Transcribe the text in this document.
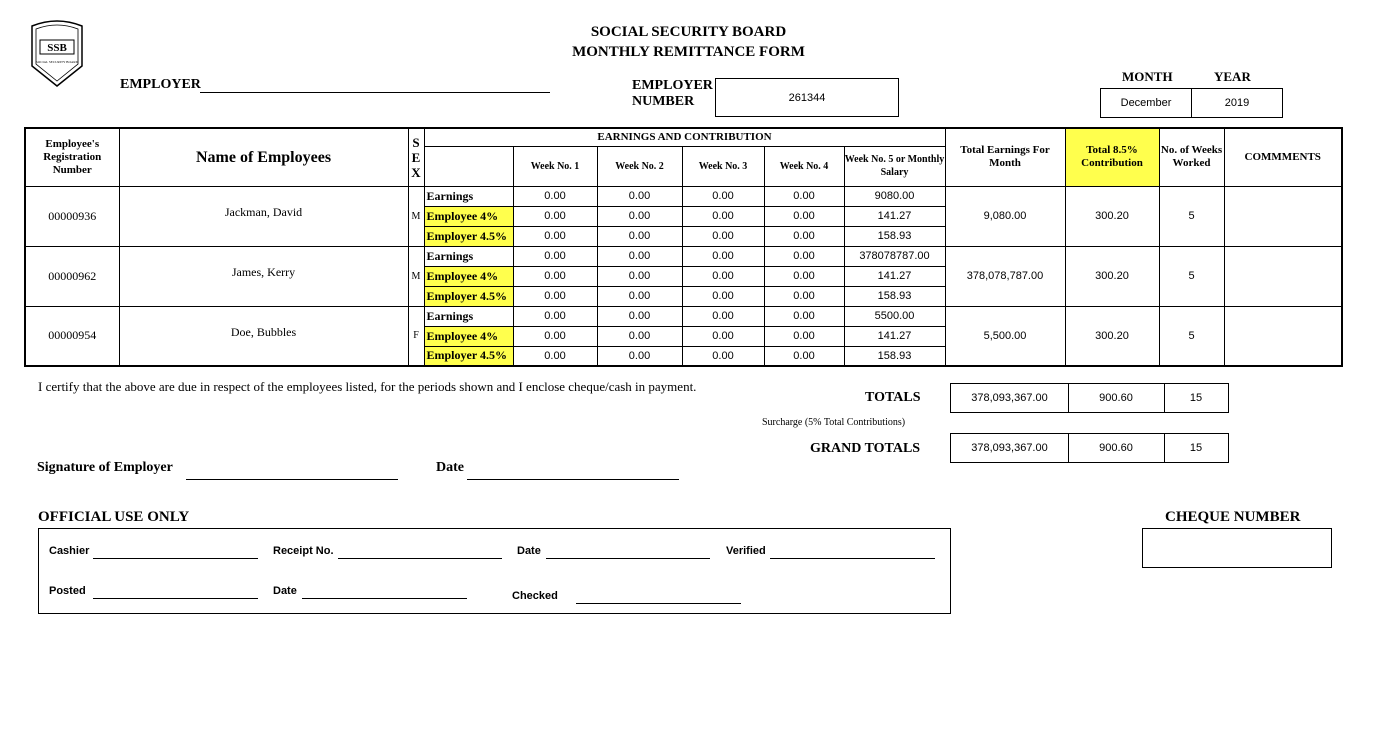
SSB
SOCIAL SECURITY BOARD
SOCIAL SECURITY BOARD
MONTHLY REMITTANCE FORM
EMPLOYER	EMPLOYER
NUMBER	261344
MONTH	YEAR
December	2019
Employee's Registration Number	Name of Employees	S
E
X	EARNINGS AND CONTRIBUTION						Total Earnings For Month	Total 8.5% Contribution	No. of Weeks Worked	COMMMENTS
				Week No. 1	Week No. 2	Week No. 3	Week No. 4	Week No. 5 or Monthly Salary				
00000936	Jackman, David	M	Earnings	0.00	0.00	0.00	0.00	9080.00	9,080.00	300.20	5	
			Employee 4%	0.00	0.00	0.00	0.00	141.27				
			Employer 4.5%	0.00	0.00	0.00	0.00	158.93				
00000962	James, Kerry	M	Earnings	0.00	0.00	0.00	0.00	378078787.00	378,078,787.00	300.20	5	
			Employee 4%	0.00	0.00	0.00	0.00	141.27				
			Employer 4.5%	0.00	0.00	0.00	0.00	158.93				
00000954	Doe, Bubbles	F	Earnings	0.00	0.00	0.00	0.00	5500.00	5,500.00	300.20	5	
			Employee 4%	0.00	0.00	0.00	0.00	141.27				
			Employer 4.5%	0.00	0.00	0.00	0.00	158.93				
I certify that the above are due in respect of the employees listed, for the periods shown and I enclose cheque/cash in payment.
TOTALS	378,093,367.00	900.60	15
Surcharge (5% Total Contributions)
GRAND TOTALS	378,093,367.00	900.60	15
Signature of Employer	Date
OFFICIAL USE ONLY
Cashier	Receipt No.	Date	Verified
Posted	Date	Checked
CHEQUE NUMBER
